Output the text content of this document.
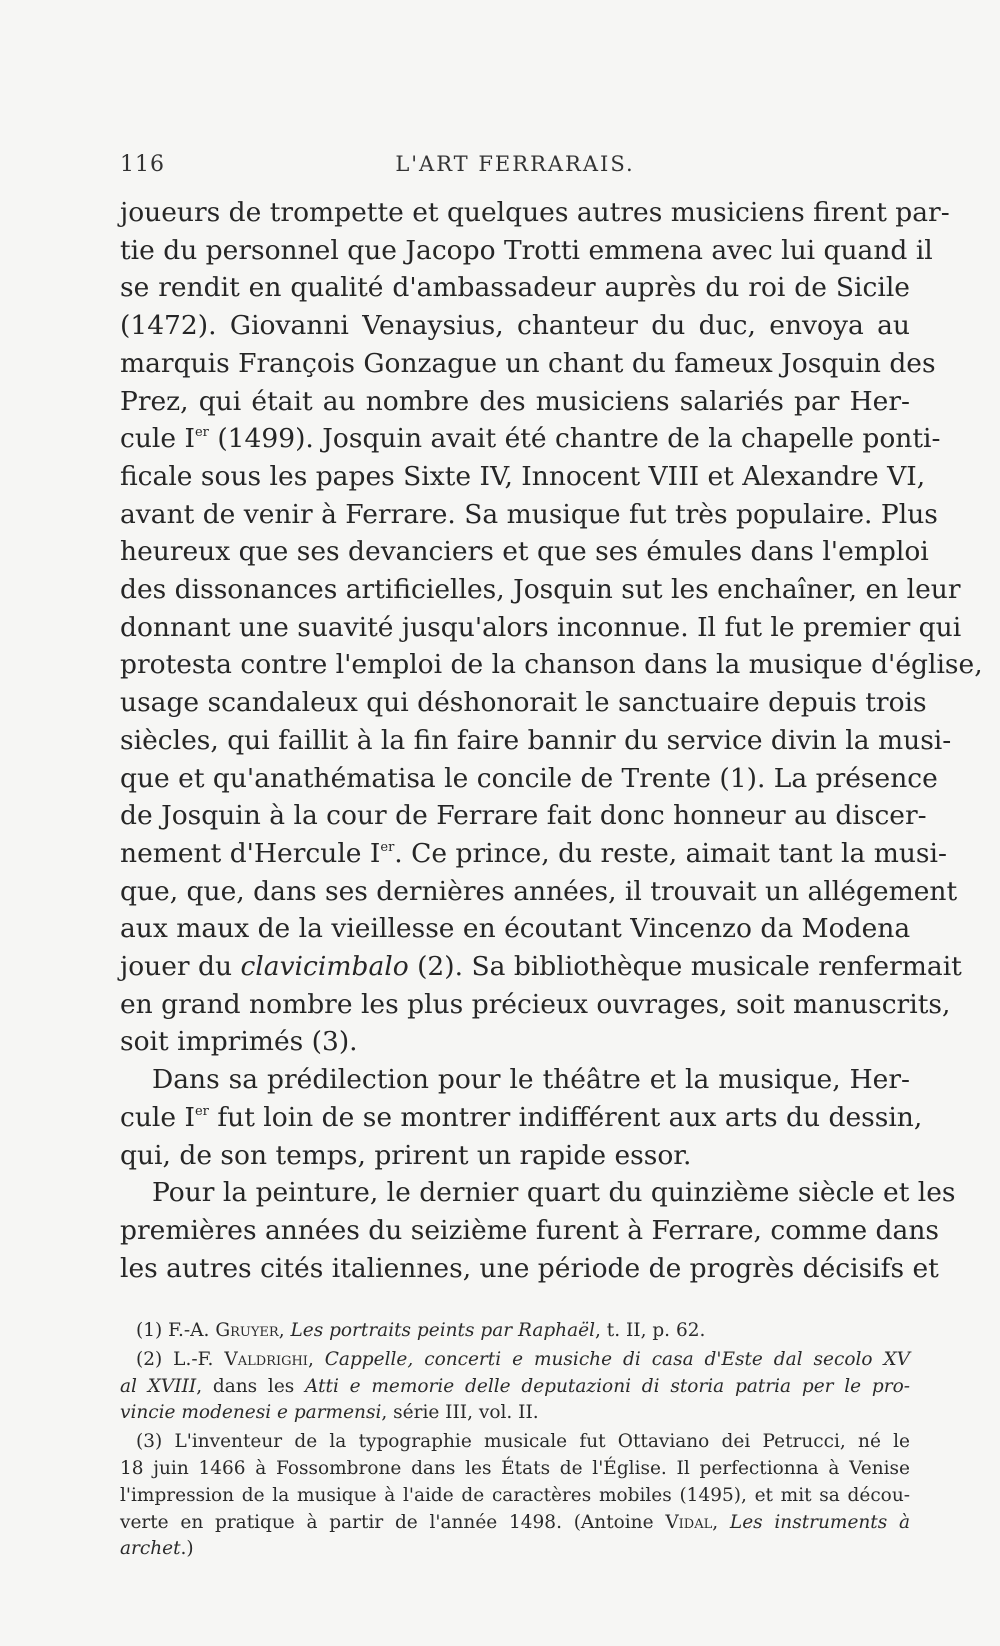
116	L'ART FERRARAIS.

joueurs de trompette et quelques autres musiciens firent par-
tie du personnel que Jacopo Trotti emmena avec lui quand il
se rendit en qualité d'ambassadeur auprès du roi de Sicile
(1472). Giovanni Venaysius, chanteur du duc, envoya au
marquis François Gonzague un chant du fameux Josquin des
Prez, qui était au nombre des musiciens salariés par Her-
cule Ier (1499). Josquin avait été chantre de la chapelle ponti-
ficale sous les papes Sixte IV, Innocent VIII et Alexandre VI,
avant de venir à Ferrare. Sa musique fut très populaire. Plus
heureux que ses devanciers et que ses émules dans l'emploi
des dissonances artificielles, Josquin sut les enchaîner, en leur
donnant une suavité jusqu'alors inconnue. Il fut le premier qui
protesta contre l'emploi de la chanson dans la musique d'église,
usage scandaleux qui déshonorait le sanctuaire depuis trois
siècles, qui faillit à la fin faire bannir du service divin la musi-
que et qu'anathématisa le concile de Trente (1). La présence
de Josquin à la cour de Ferrare fait donc honneur au discer-
nement d'Hercule Ier. Ce prince, du reste, aimait tant la musi-
que, que, dans ses dernières années, il trouvait un allégement
aux maux de la vieillesse en écoutant Vincenzo da Modena
jouer du clavicimbalo (2). Sa bibliothèque musicale renfermait
en grand nombre les plus précieux ouvrages, soit manuscrits,
soit imprimés (3).

Dans sa prédilection pour le théâtre et la musique, Her-
cule Ier fut loin de se montrer indifférent aux arts du dessin,
qui, de son temps, prirent un rapide essor.

Pour la peinture, le dernier quart du quinzième siècle et les
premières années du seizième furent à Ferrare, comme dans
les autres cités italiennes, une période de progrès décisifs et

(1) F.-A. Gruyer, Les portraits peints par Raphaël, t. II, p. 62.
(2) L.-F. Valdrighi, Cappelle, concerti e musiche di casa d'Este dal secolo XV
al XVIII, dans les Atti e memorie delle deputazioni di storia patria per le pro-
vincie modenesi e parmensi, série III, vol. II.
(3) L'inventeur de la typographie musicale fut Ottaviano dei Petrucci, né le
18 juin 1466 à Fossombrone dans les États de l'Église. Il perfectionna à Venise
l'impression de la musique à l'aide de caractères mobiles (1495), et mit sa décou-
verte en pratique à partir de l'année 1498. (Antoine Vidal, Les instruments à
archet.)
